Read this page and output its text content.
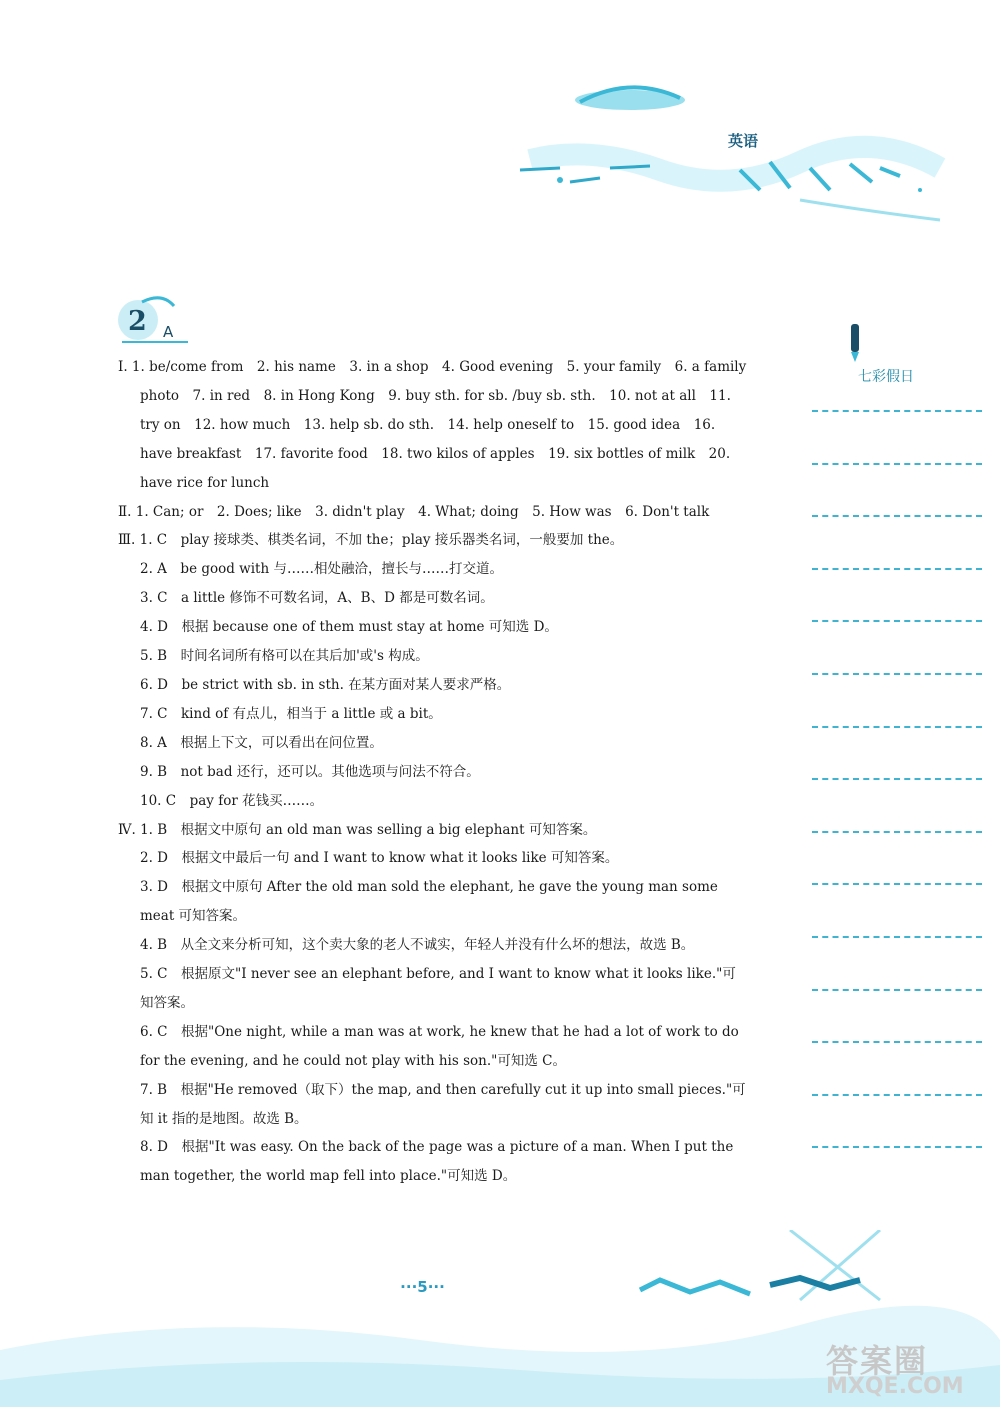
英语
2 A
七彩假日

Ⅰ. 1. be/come from　2. his name　3. in a shop　4. Good evening　5. your family　6. a family photo　7. in red　8. in Hong Kong　9. buy sth. for sb. /buy sb. sth.　10. not at all　11. try on　12. how much　13. help sb. do sth.　14. help oneself to　15. good idea　16. have breakfast　17. favorite food　18. two kilos of apples　19. six bottles of milk　20. have rice for lunch

Ⅱ. 1. Can; or　2. Does; like　3. didn't play　4. What; doing　5. How was　6. Don't talk

Ⅲ. 1. C　play 接球类、棋类名词，不加 the；play 接乐器类名词，一般要加 the。

2. A　be good with 与……相处融洽，擅长与……打交道。

3. C　a little 修饰不可数名词，A、B、D 都是可数名词。

4. D　根据 because one of them must stay at home 可知选 D。

5. B　时间名词所有格可以在其后加'或's 构成。

6. D　be strict with sb. in sth. 在某方面对某人要求严格。

7. C　kind of 有点儿，相当于 a little 或 a bit。

8. A　根据上下文，可以看出在问位置。

9. B　not bad 还行，还可以。其他选项与问法不符合。

10. C　pay for 花钱买……。

Ⅳ. 1. B　根据文中原句 an old man was selling a big elephant 可知答案。

2. D　根据文中最后一句 and I want to know what it looks like 可知答案。

3. D　根据文中原句 After the old man sold the elephant, he gave the young man some meat 可知答案。

4. B　从全文来分析可知，这个卖大象的老人不诚实，年轻人并没有什么坏的想法，故选 B。

5. C　根据原文"I never see an elephant before, and I want to know what it looks like."可知答案。

6. C　根据"One night, while a man was at work, he knew that he had a lot of work to do for the evening, and he could not play with his son."可知选 C。

7. B　根据"He removed（取下）the map, and then carefully cut it up into small pieces."可知 it 指的是地图。故选 B。

8. D　根据"It was easy. On the back of the page was a picture of a man. When I put the man together, the world map fell into place."可知选 D。

···5···
答案圈
MXQE.COM
